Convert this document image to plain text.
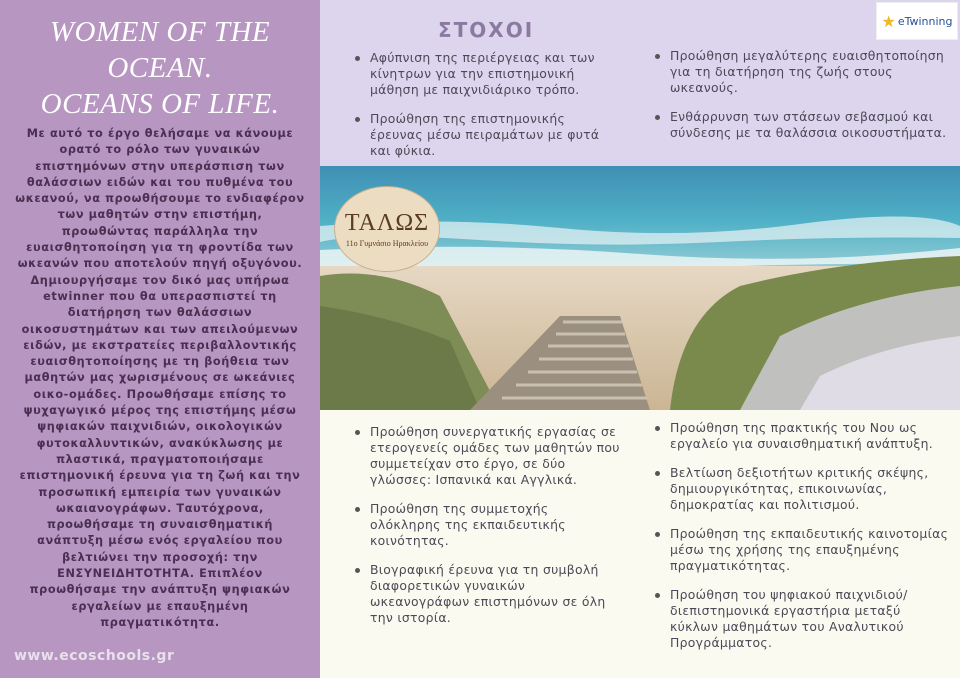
WOMEN OF THE
OCEAN.
OCEANS OF LIFE.
Με αυτό το έργο θελήσαμε να κάνουμε ορατό το ρόλο των γυναικών επιστημόνων στην υπεράσπιση των θαλάσσιων ειδών και του πυθμένα του ωκεανού, να προωθήσουμε το ενδιαφέρον των μαθητών στην επιστήμη, προωθώντας παράλληλα την ευαισθητοποίηση για τη φροντίδα των ωκεανών που αποτελούν πηγή οξυγόνου. Δημιουργήσαμε τον δικό μας υπήρωα etwinner που θα υπερασπιστεί τη διατήρηση των θαλάσσιων οικοσυστημάτων και των απειλούμενων ειδών, με εκστρατείες περιβαλλοντικής ευαισθητοποίησης με τη βοήθεια των μαθητών μας χωρισμένους σε ωκεάνιες οικο-ομάδες. Προωθήσαμε επίσης το ψυχαγωγικό μέρος της επιστήμης μέσω ψηφιακών παιχνιδιών, οικολογικών φυτοκαλλυντικών, ανακύκλωσης με πλαστικά, πραγματοποιήσαμε επιστημονική έρευνα για τη ζωή και την προσωπική εμπειρία των γυναικών ωκαιανογράφων. Ταυτόχρονα, προωθήσαμε τη συναισθηματική ανάπτυξη μέσω ενός εργαλείου που βελτιώνει την προσοχή: την ΕΝΣΥΝΕΙΔΗΤΟΤΗΤΑ. Επιπλέον προωθήσαμε την ανάπτυξη ψηφιακών εργαλείων με επαυξημένη πραγματικότητα.
www.ecoschools.gr
ΣΤΟΧΟΙ	★ eTwinning
Αφύπνιση της περιέργειας και των κίνητρων για την επιστημονική μάθηση με παιχνιδιάρικο τρόπο.
Προώθηση της επιστημονικής έρευνας μέσω πειραμάτων με φυτά και φύκια.
Προώθηση μεγαλύτερης ευαισθητοποίηση για τη διατήρηση της ζωής στους ωκεανούς.
Ενθάρρυνση των στάσεων σεβασμού και σύνδεσης με τα θαλάσσια οικοσυστήματα.
ΤΑΛΩΣ
11ο Γυμνάσιο Ηρακλείου
Προώθηση συνεργατικής εργασίας σε ετερογενείς ομάδες των μαθητών που συμμετείχαν στο έργο, σε δύο γλώσσες: Ισπανικά και Αγγλικά.
Προώθηση της συμμετοχής ολόκληρης της εκπαιδευτικής κοινότητας.
Βιογραφική έρευνα για τη συμβολή διαφορετικών γυναικών ωκεανογράφων επιστημόνων σε όλη την ιστορία.
Προώθηση της πρακτικής του Νου ως εργαλείο για συναισθηματική ανάπτυξη.
Βελτίωση δεξιοτήτων κριτικής σκέψης, δημιουργικότητας, επικοινωνίας, δημοκρατίας και πολιτισμού.
Προώθηση της εκπαιδευτικής καινοτομίας μέσω της χρήσης της επαυξημένης πραγματικότητας.
Προώθηση του ψηφιακού παιχνιδιού/διεπιστημονικά εργαστήρια μεταξύ κύκλων μαθημάτων του Αναλυτικού Προγράμματος.
